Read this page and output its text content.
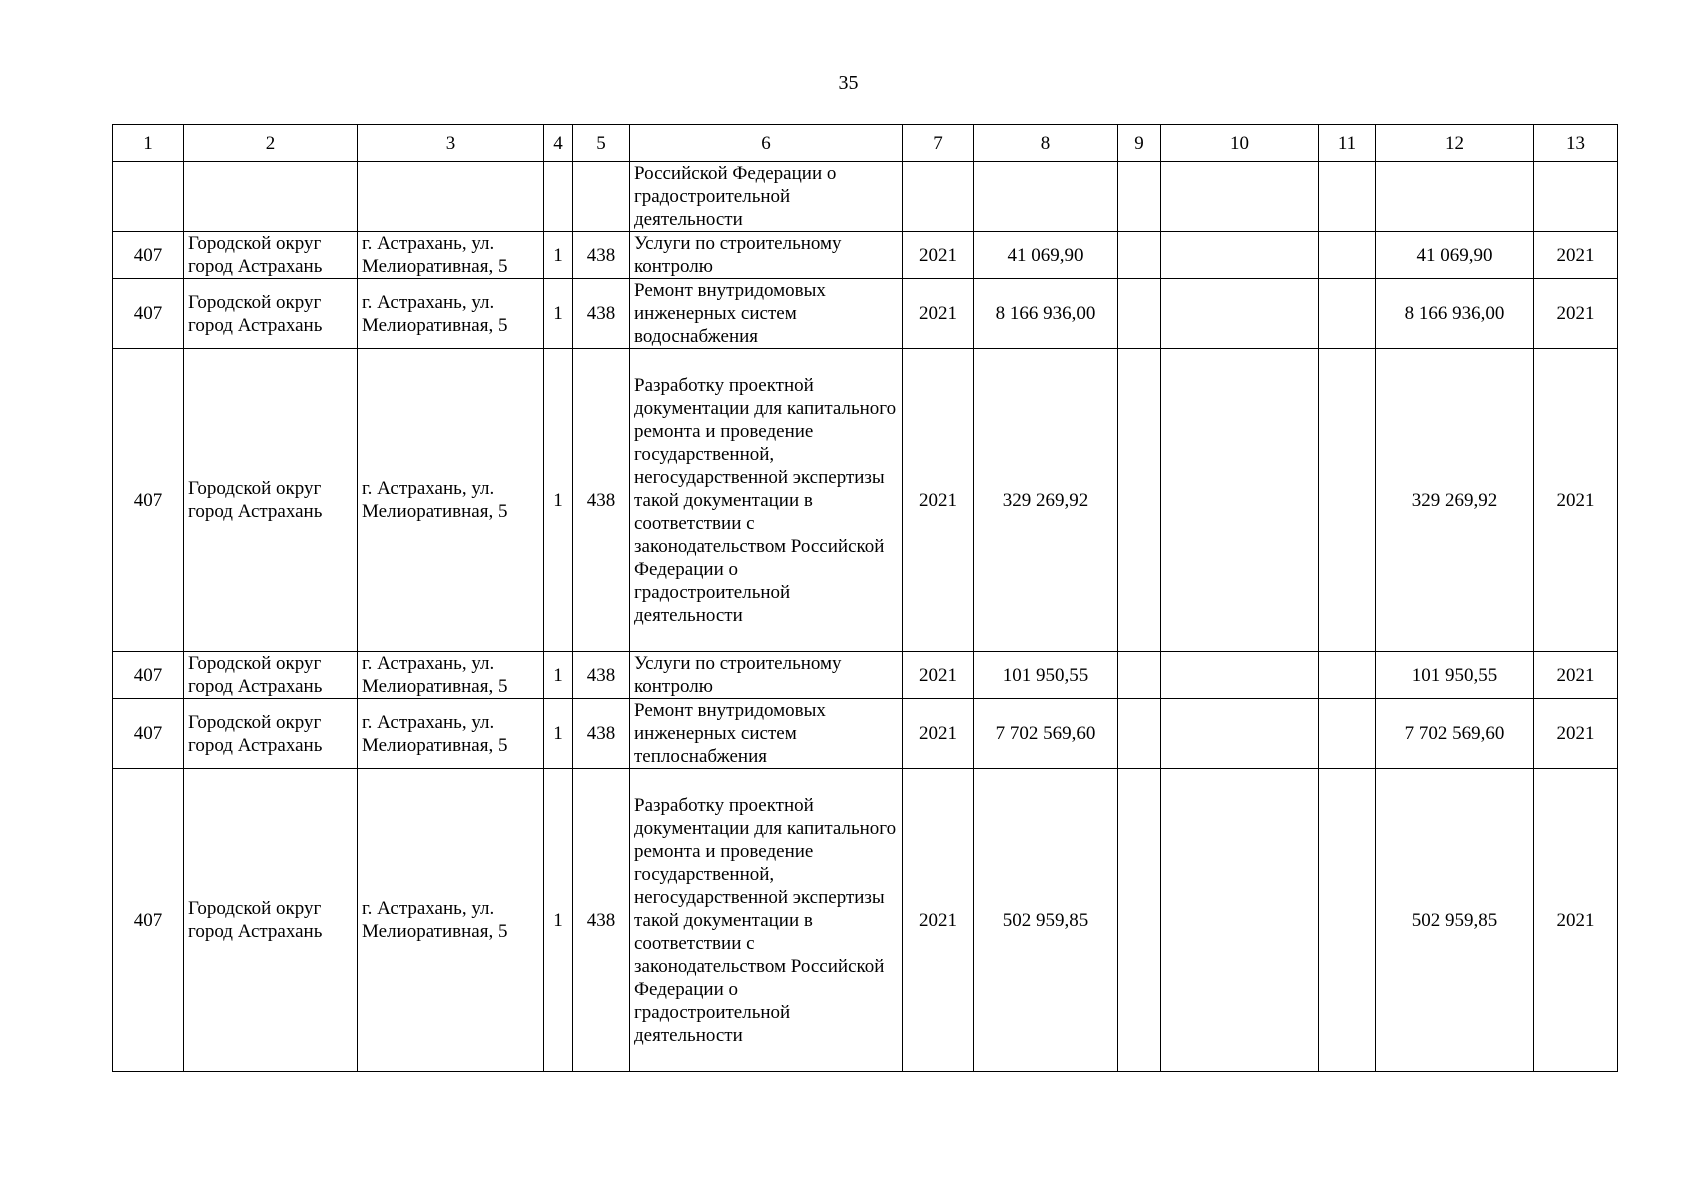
35
1	2	3	4	5	6	7	8	9	10	11	12	13
					Российской Федерации о градостроительной деятельности							
407	Городской округ город Астрахань	г. Астрахань, ул. Мелиоративная, 5	1	438	Услуги по строительному контролю	2021	41 069,90				41 069,90	2021
407	Городской округ город Астрахань	г. Астрахань, ул. Мелиоративная, 5	1	438	Ремонт внутридомовых инженерных систем водоснабжения	2021	8 166 936,00				8 166 936,00	2021
407	Городской округ город Астрахань	г. Астрахань, ул. Мелиоративная, 5	1	438	Разработку проектной документации для капитального ремонта и проведение государственной, негосударственной экспертизы такой документации в соответствии с законодательством Российской Федерации о градостроительной деятельности	2021	329 269,92				329 269,92	2021
407	Городской округ город Астрахань	г. Астрахань, ул. Мелиоративная, 5	1	438	Услуги по строительному контролю	2021	101 950,55				101 950,55	2021
407	Городской округ город Астрахань	г. Астрахань, ул. Мелиоративная, 5	1	438	Ремонт внутридомовых инженерных систем теплоснабжения	2021	7 702 569,60				7 702 569,60	2021
407	Городской округ город Астрахань	г. Астрахань, ул. Мелиоративная, 5	1	438	Разработку проектной документации для капитального ремонта и проведение государственной, негосударственной экспертизы такой документации в соответствии с законодательством Российской Федерации о градостроительной деятельности	2021	502 959,85				502 959,85	2021
